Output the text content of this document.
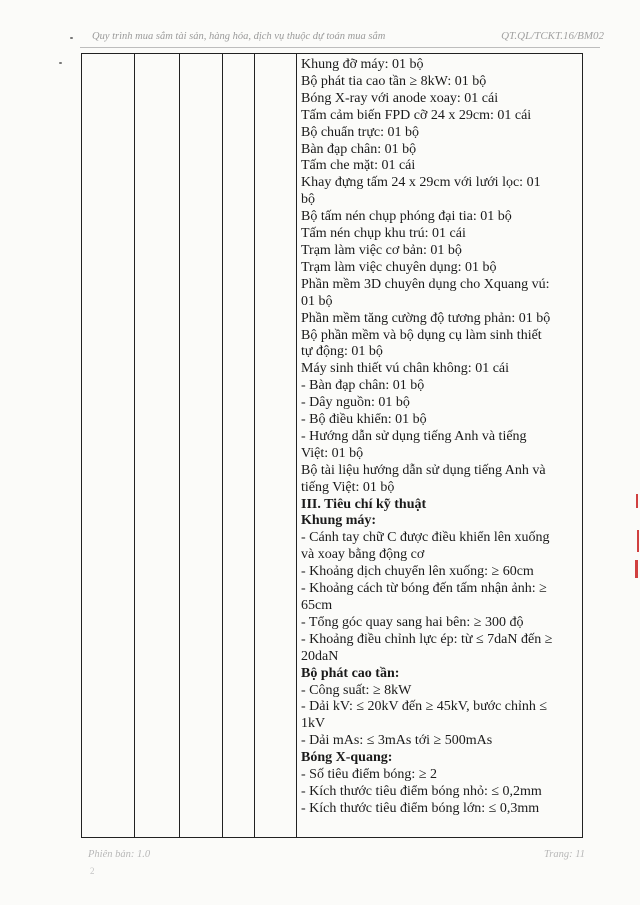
Quy trình mua sắm tài sản, hàng hóa, dịch vụ thuộc dự toán mua sắm	QT.QL/TCKT.16/BM02
Khung đỡ máy: 01 bộ
Bộ phát tia cao tần ≥ 8kW: 01 bộ
Bóng X-ray với anode xoay: 01 cái
Tấm cảm biến FPD cỡ 24 x 29cm: 01 cái
Bộ chuẩn trực: 01 bộ
Bàn đạp chân: 01 bộ
Tấm che mặt: 01 cái
Khay đựng tấm 24 x 29cm với lưới lọc: 01
bộ
Bộ tấm nén chụp phóng đại tia: 01 bộ
Tấm nén chụp khu trú: 01 cái
Trạm làm việc cơ bản: 01 bộ
Trạm làm việc chuyên dụng: 01 bộ
Phần mềm 3D chuyên dụng cho Xquang vú:
01 bộ
Phần mềm tăng cường độ tương phản: 01 bộ
Bộ phần mềm và bộ dụng cụ làm sinh thiết
tự động: 01 bộ
Máy sinh thiết vú chân không: 01 cái
- Bàn đạp chân: 01 bộ
- Dây nguồn: 01 bộ
- Bộ điều khiển: 01 bộ
- Hướng dẫn sử dụng tiếng Anh và tiếng
Việt: 01 bộ
Bộ tài liệu hướng dẫn sử dụng tiếng Anh và
tiếng Việt: 01 bộ
III. Tiêu chí kỹ thuật
Khung máy:
- Cánh tay chữ C được điều khiển lên xuống
và xoay bằng động cơ
- Khoảng dịch chuyển lên xuống: ≥ 60cm
- Khoảng cách từ bóng đến tấm nhận ảnh: ≥
65cm
- Tổng góc quay sang hai bên: ≥ 300 độ
- Khoảng điều chỉnh lực ép: từ ≤ 7daN đến ≥
20daN
Bộ phát cao tần:
- Công suất: ≥ 8kW
- Dải kV: ≤ 20kV đến ≥ 45kV, bước chỉnh ≤
1kV
- Dải mAs: ≤ 3mAs tới ≥ 500mAs
Bóng X-quang:
- Số tiêu điểm bóng: ≥ 2
- Kích thước tiêu điểm bóng nhỏ: ≤ 0,2mm
- Kích thước tiêu điểm bóng lớn: ≤ 0,3mm
Phiên bản: 1.0	Trang: 11
2
